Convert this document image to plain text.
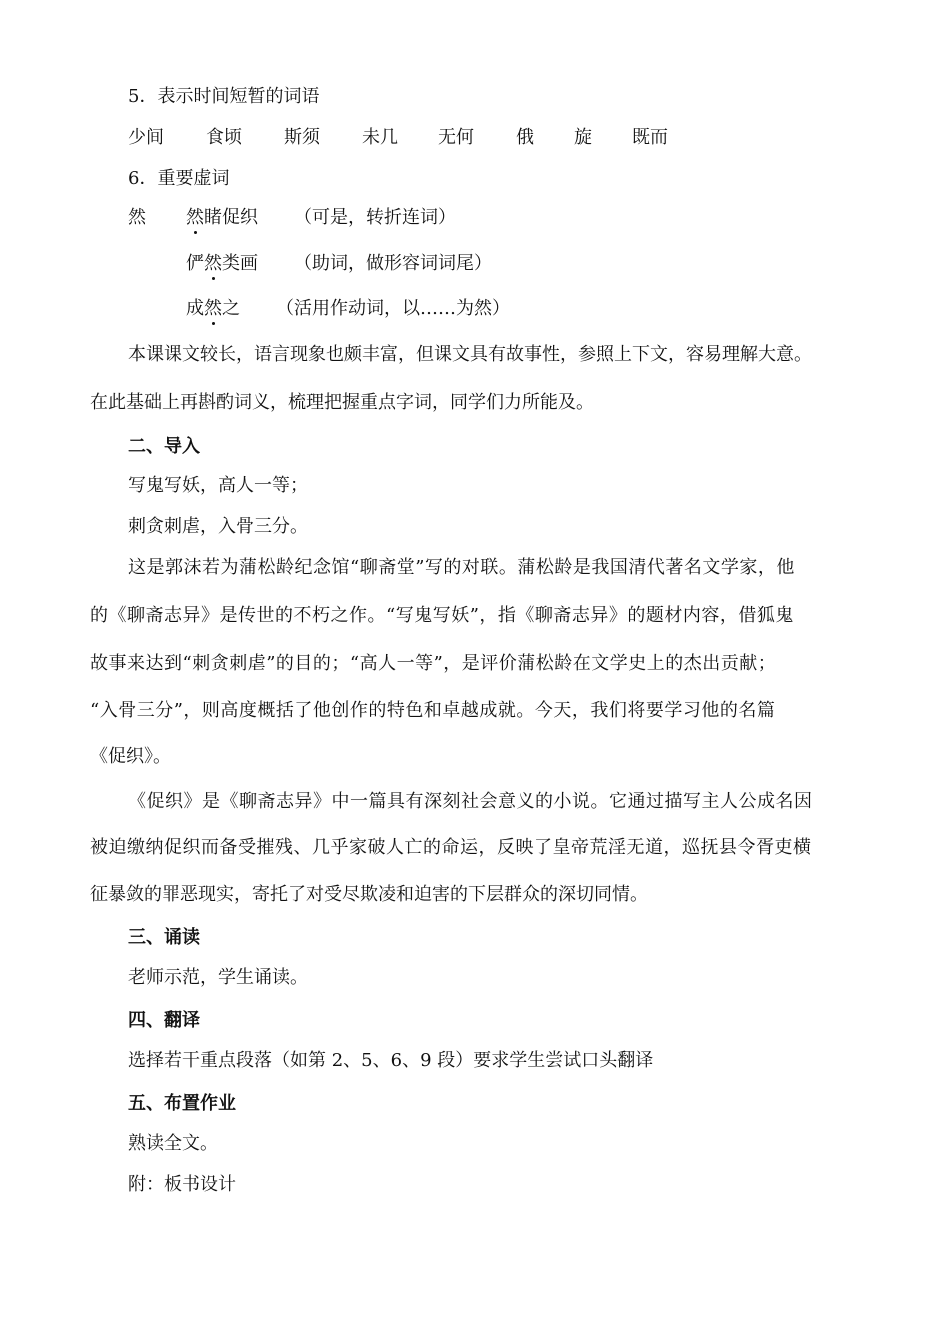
5．表示时间短暂的词语
少间 食顷 斯须 未几 无何 俄 旋 既而
6．重要虚词
然 然睹促织 （可是，转折连词）
俨然类画 （助词，做形容词词尾）
成然之 （活用作动词，以……为然）
本课课文较长，语言现象也颇丰富，但课文具有故事性，参照上下文，容易理解大意。
在此基础上再斟酌词义，梳理把握重点字词，同学们力所能及。
二、导入
写鬼写妖，高人一等；
刺贪刺虐，入骨三分。
这是郭沫若为蒲松龄纪念馆“聊斋堂”写的对联。蒲松龄是我国清代著名文学家，他
的《聊斋志异》是传世的不朽之作。“写鬼写妖”，指《聊斋志异》的题材内容，借狐鬼
故事来达到“刺贪刺虐”的目的；“高人一等”，是评价蒲松龄在文学史上的杰出贡献；
“入骨三分”，则高度概括了他创作的特色和卓越成就。今天，我们将要学习他的名篇
《促织》。
《促织》是《聊斋志异》中一篇具有深刻社会意义的小说。它通过描写主人公成名因
被迫缴纳促织而备受摧残、几乎家破人亡的命运，反映了皇帝荒淫无道，巡抚县令胥吏横
征暴敛的罪恶现实，寄托了对受尽欺凌和迫害的下层群众的深切同情。
三、诵读
老师示范，学生诵读。
四、翻译
选择若干重点段落（如第 2、5、6、9 段）要求学生尝试口头翻译
五、布置作业
熟读全文。
附：板书设计
